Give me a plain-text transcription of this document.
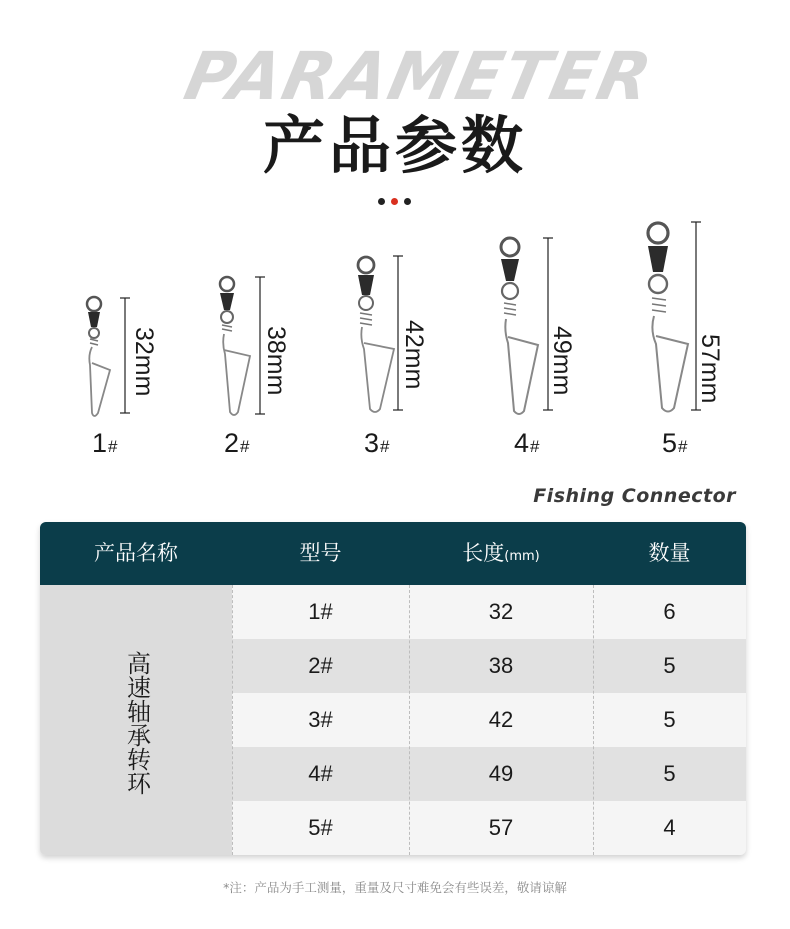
PARAMETER
产品参数
32mm
1#
38mm
2#
42mm
3#
49mm
4#
57mm
5#
Fishing Connector
产品名称	型号	长度(mm)	数量
高速轴承转环
1#	32	6
2#	38	5
3#	42	5
4#	49	5
5#	57	4
*注：产品为手工测量，重量及尺寸难免会有些误差，敬请谅解
